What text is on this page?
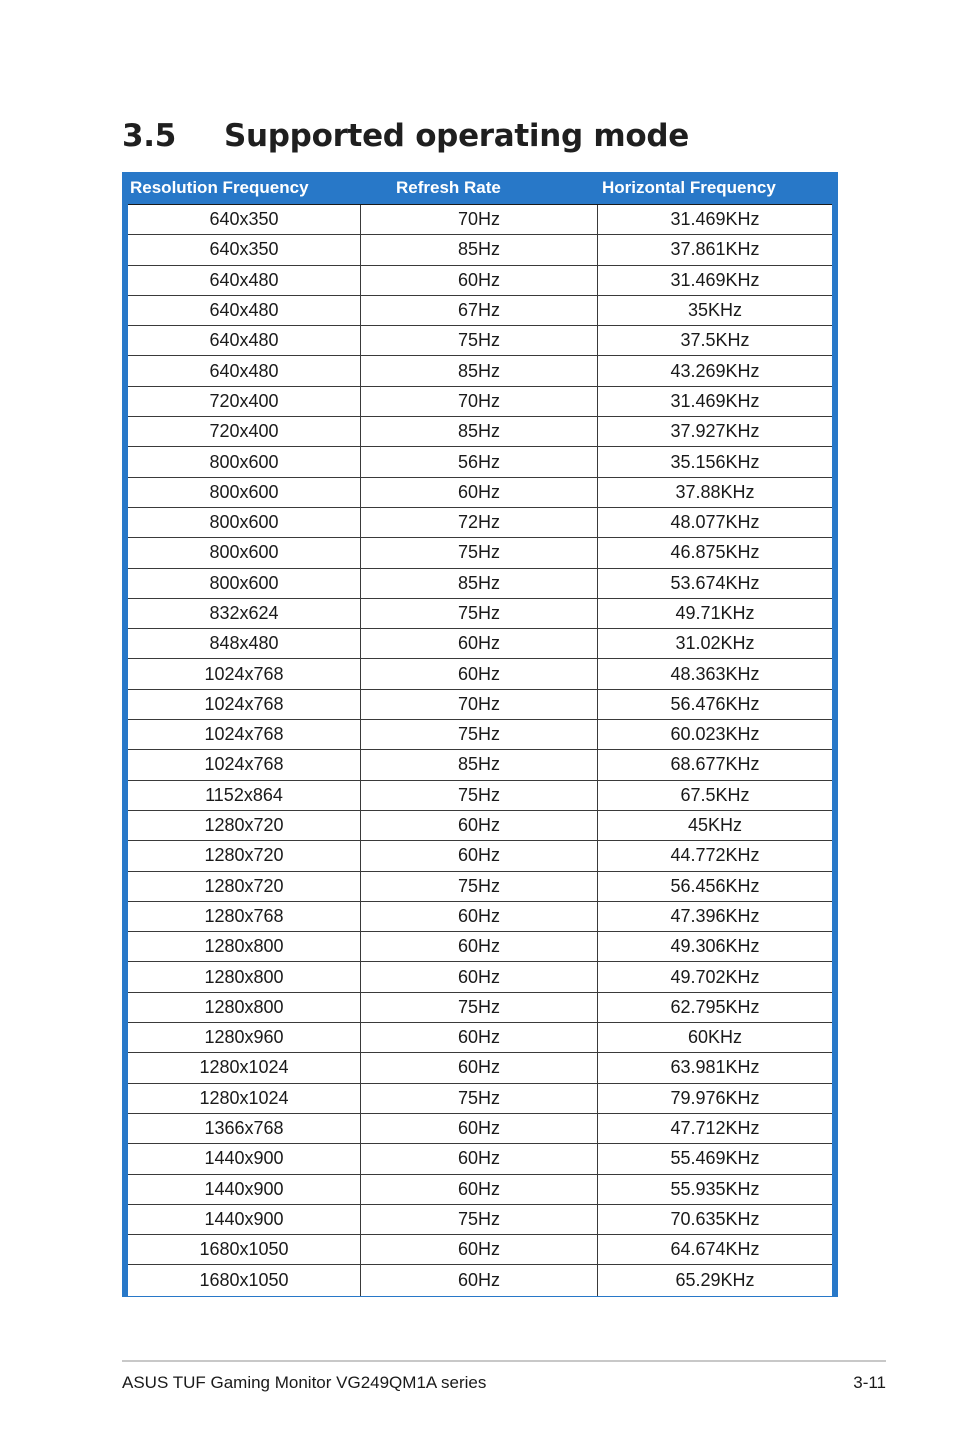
3.5	Supported operating mode
Resolution Frequency	Refresh Rate	Horizontal Frequency
640x350	70Hz	31.469KHz
640x350	85Hz	37.861KHz
640x480	60Hz	31.469KHz
640x480	67Hz	35KHz
640x480	75Hz	37.5KHz
640x480	85Hz	43.269KHz
720x400	70Hz	31.469KHz
720x400	85Hz	37.927KHz
800x600	56Hz	35.156KHz
800x600	60Hz	37.88KHz
800x600	72Hz	48.077KHz
800x600	75Hz	46.875KHz
800x600	85Hz	53.674KHz
832x624	75Hz	49.71KHz
848x480	60Hz	31.02KHz
1024x768	60Hz	48.363KHz
1024x768	70Hz	56.476KHz
1024x768	75Hz	60.023KHz
1024x768	85Hz	68.677KHz
1152x864	75Hz	67.5KHz
1280x720	60Hz	45KHz
1280x720	60Hz	44.772KHz
1280x720	75Hz	56.456KHz
1280x768	60Hz	47.396KHz
1280x800	60Hz	49.306KHz
1280x800	60Hz	49.702KHz
1280x800	75Hz	62.795KHz
1280x960	60Hz	60KHz
1280x1024	60Hz	63.981KHz
1280x1024	75Hz	79.976KHz
1366x768	60Hz	47.712KHz
1440x900	60Hz	55.469KHz
1440x900	60Hz	55.935KHz
1440x900	75Hz	70.635KHz
1680x1050	60Hz	64.674KHz
1680x1050	60Hz	65.29KHz
ASUS TUF Gaming Monitor VG249QM1A series	3-11
